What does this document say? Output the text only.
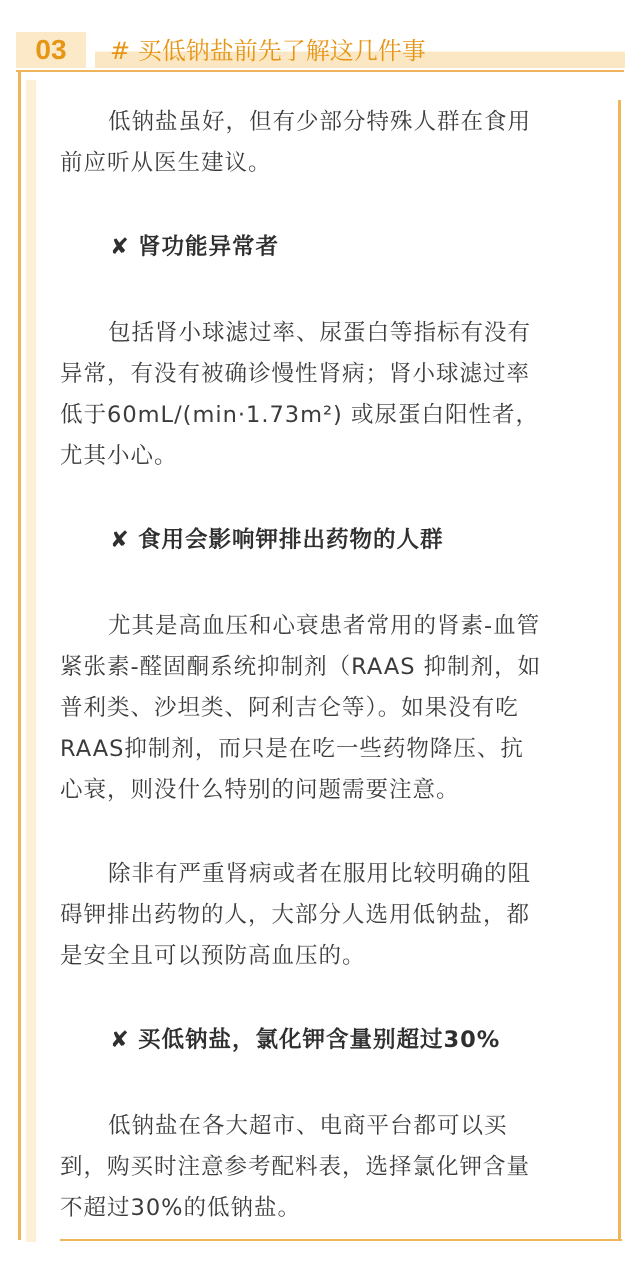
03	# 买低钠盐前先了解这几件事

低钠盐虽好，但有少部分特殊人群在食用

前应听从医生建议。

✘ 肾功能异常者

包括肾小球滤过率、尿蛋白等指标有没有

异常，有没有被确诊慢性肾病；肾小球滤过率

低于60mL/(min·1.73m²) 或尿蛋白阳性者，

尤其小心。

✘ 食用会影响钾排出药物的人群

尤其是高血压和心衰患者常用的肾素-血管

紧张素-醛固酮系统抑制剂（RAAS 抑制剂，如

普利类、沙坦类、阿利吉仑等）。如果没有吃

RAAS抑制剂，而只是在吃一些药物降压、抗

心衰，则没什么特别的问题需要注意。

除非有严重肾病或者在服用比较明确的阻

碍钾排出药物的人，大部分人选用低钠盐，都

是安全且可以预防高血压的。

✘ 买低钠盐，氯化钾含量别超过30%

低钠盐在各大超市、电商平台都可以买

到，购买时注意参考配料表，选择氯化钾含量

不超过30%的低钠盐。
